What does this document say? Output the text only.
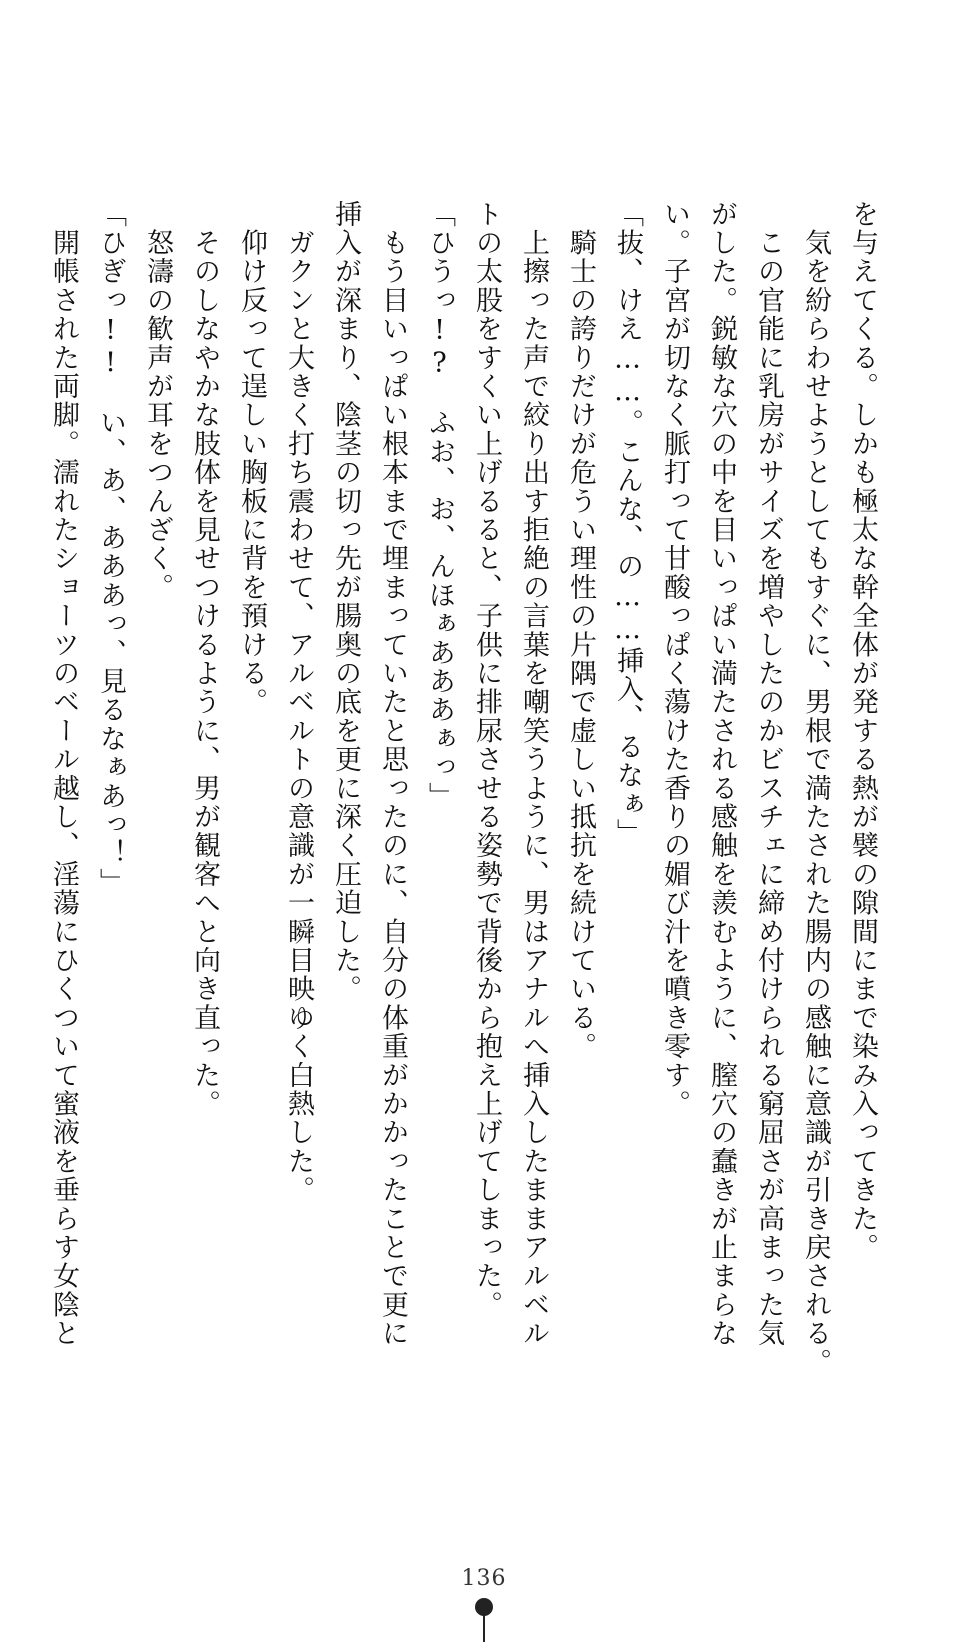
を与えてくる。しかも極太な幹全体が発する熱が襞の隙間にまで染み入ってきた。
　気を紛らわせようとしてもすぐに、男根で満たされた腸内の感触に意識が引き戻される。
　この官能に乳房がサイズを増やしたのかビスチェに締め付けられる窮屈さが高まった気
がした。鋭敏な穴の中を目いっぱい満たされる感触を羨むように、膣穴の蠢きが止まらな
い。子宮が切なく脈打って甘酸っぱく蕩けた香りの媚び汁を噴き零す。
「抜、けえ……。こんな、の……挿入、るなぁ」
　騎士の誇りだけが危うい理性の片隅で虚しい抵抗を続けている。
　上擦った声で絞り出す拒絶の言葉を嘲笑うように、男はアナルへ挿入したままアルベル
トの太股をすくい上げるると、子供に排尿させる姿勢で背後から抱え上げてしまった。
「ひうっ!?　ふお、お、んほぁあああぁっ」
　もう目いっぱい根本まで埋まっていたと思ったのに、自分の体重がかかったことで更に
挿入が深まり、陰茎の切っ先が腸奥の底を更に深く圧迫した。
　ガクンと大きく打ち震わせて、アルベルトの意識が一瞬目映ゆく白熱した。
　仰け反って逞しい胸板に背を預ける。
　そのしなやかな肢体を見せつけるように、男が観客へと向き直った。
　怒濤の歓声が耳をつんざく。
「ひぎっ!!　い、あ、あああっ、見るなぁあっ！」
　開帳された両脚。濡れたショーツのベール越し、淫蕩にひくついて蜜液を垂らす女陰と
136
